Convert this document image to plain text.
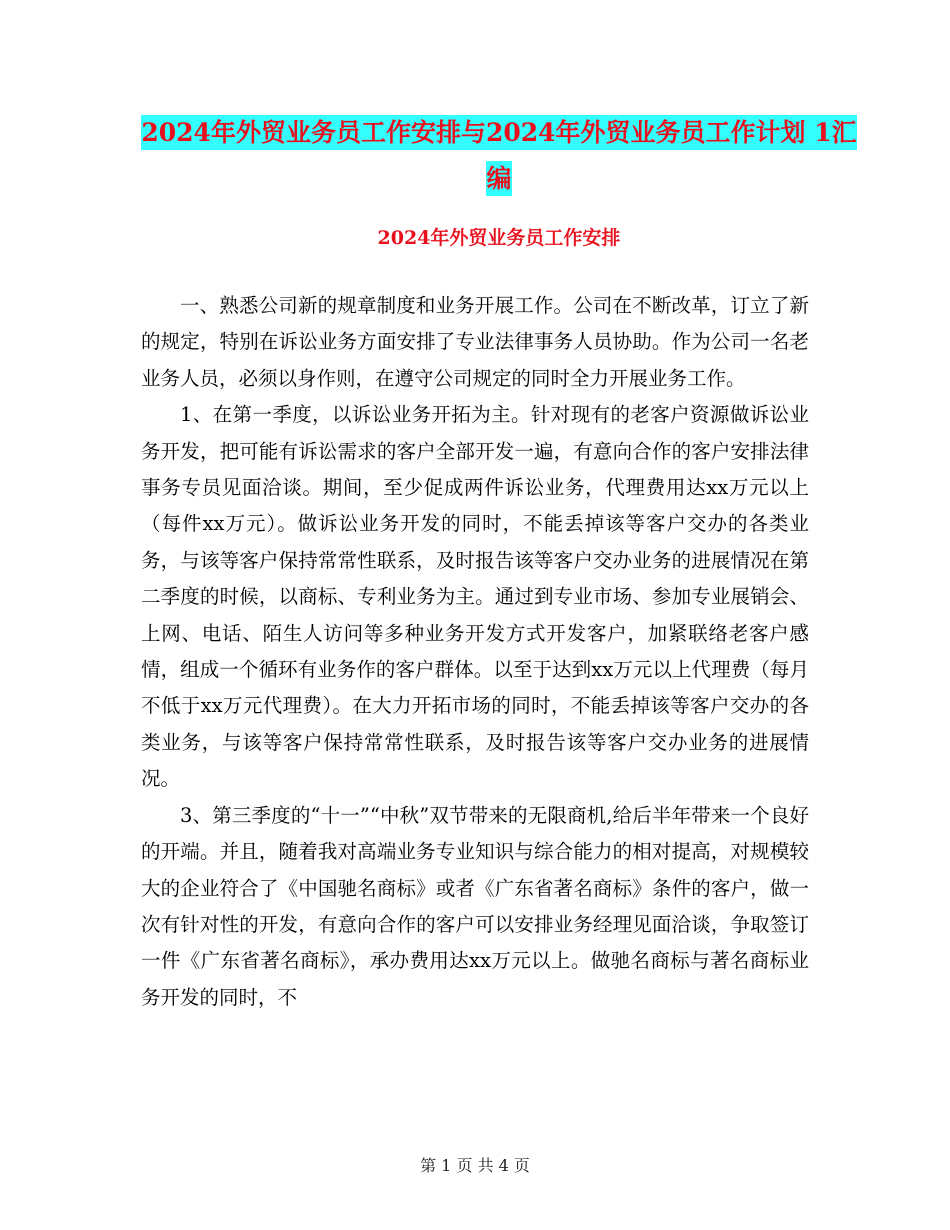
2024年外贸业务员工作安排与2024年外贸业务员工作计划 1汇编
2024年外贸业务员工作安排

一、熟悉公司新的规章制度和业务开展工作。公司在不断改革，订立了新的规定，特别在诉讼业务方面安排了专业法律事务人员协助。作为公司一名老业务人员，必须以身作则，在遵守公司规定的同时全力开展业务工作。

1、在第一季度，以诉讼业务开拓为主。针对现有的老客户资源做诉讼业务开发，把可能有诉讼需求的客户全部开发一遍，有意向合作的客户安排法律事务专员见面洽谈。期间，至少促成两件诉讼业务，代理费用达xx万元以上（每件xx万元）。做诉讼业务开发的同时，不能丢掉该等客户交办的各类业务，与该等客户保持常常性联系，及时报告该等客户交办业务的进展情况在第二季度的时候，以商标、专利业务为主。通过到专业市场、参加专业展销会、上网、电话、陌生人访问等多种业务开发方式开发客户，加紧联络老客户感情，组成一个循环有业务作的客户群体。以至于达到xx万元以上代理费（每月不低于xx万元代理费）。在大力开拓市场的同时，不能丢掉该等客户交办的各类业务，与该等客户保持常常性联系，及时报告该等客户交办业务的进展情况。

3、第三季度的“十一”“中秋”双节带来的无限商机,给后半年带来一个良好的开端。并且，随着我对高端业务专业知识与综合能力的相对提高，对规模较大的企业符合了《中国驰名商标》或者《广东省著名商标》条件的客户，做一次有针对性的开发，有意向合作的客户可以安排业务经理见面洽谈，争取签订一件《广东省著名商标》，承办费用达xx万元以上。做驰名商标与著名商标业务开发的同时，不

第 1 页 共 4 页
